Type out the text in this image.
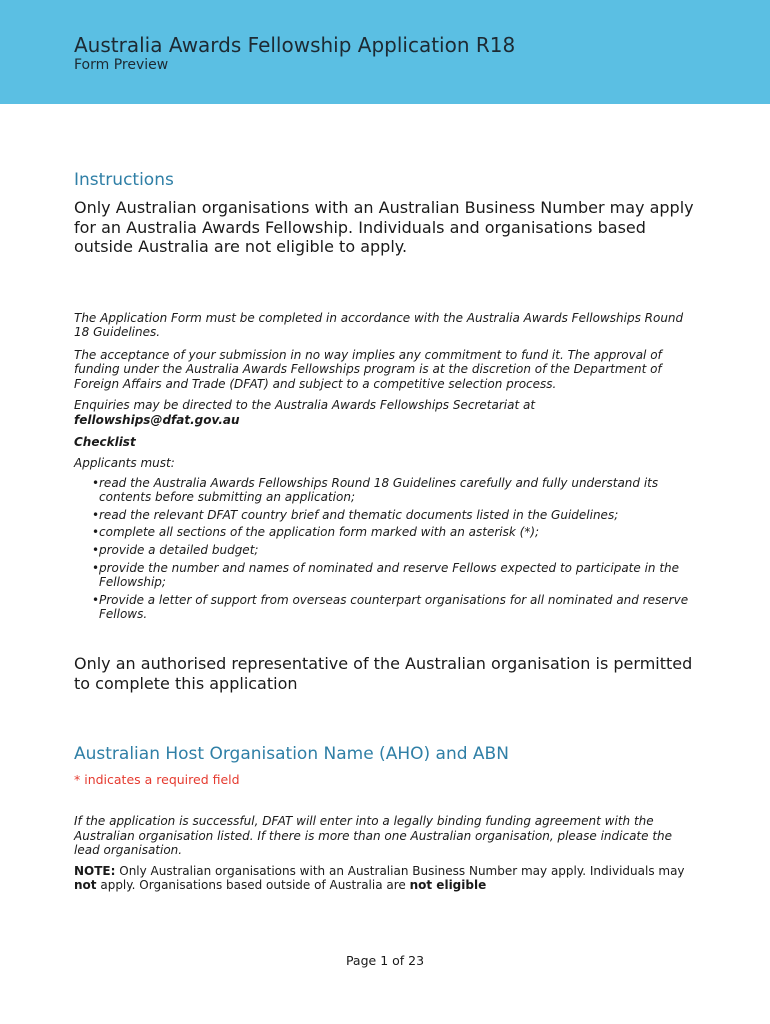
Australia Awards Fellowship Application R18
Form Preview
Instructions

Only Australian organisations with an Australian Business Number may apply for an Australia Awards Fellowship. Individuals and organisations based outside Australia are not eligible to apply.

The Application Form must be completed in accordance with the Australia Awards Fellowships Round 18 Guidelines.

The acceptance of your submission in no way implies any commitment to fund it. The approval of funding under the Australia Awards Fellowships program is at the discretion of the Department of Foreign Affairs and Trade (DFAT) and subject to a competitive selection process.

Enquiries may be directed to the Australia Awards Fellowships Secretariat at
fellowships@dfat.gov.au

Checklist

Applicants must:

• read the Australia Awards Fellowships Round 18 Guidelines carefully and fully understand its contents before submitting an application;
• read the relevant DFAT country brief and thematic documents listed in the Guidelines;
• complete all sections of the application form marked with an asterisk (*);
• provide a detailed budget;
• provide the number and names of nominated and reserve Fellows expected to participate in the Fellowship;
• Provide a letter of support from overseas counterpart organisations for all nominated and reserve Fellows.

Only an authorised representative of the Australian organisation is permitted to complete this application

Australian Host Organisation Name (AHO) and ABN

* indicates a required field

If the application is successful, DFAT will enter into a legally binding funding agreement with the Australian organisation listed. If there is more than one Australian organisation, please indicate the lead organisation.

NOTE: Only Australian organisations with an Australian Business Number may apply. Individuals may not apply. Organisations based outside of Australia are not eligible

Page 1 of 23
